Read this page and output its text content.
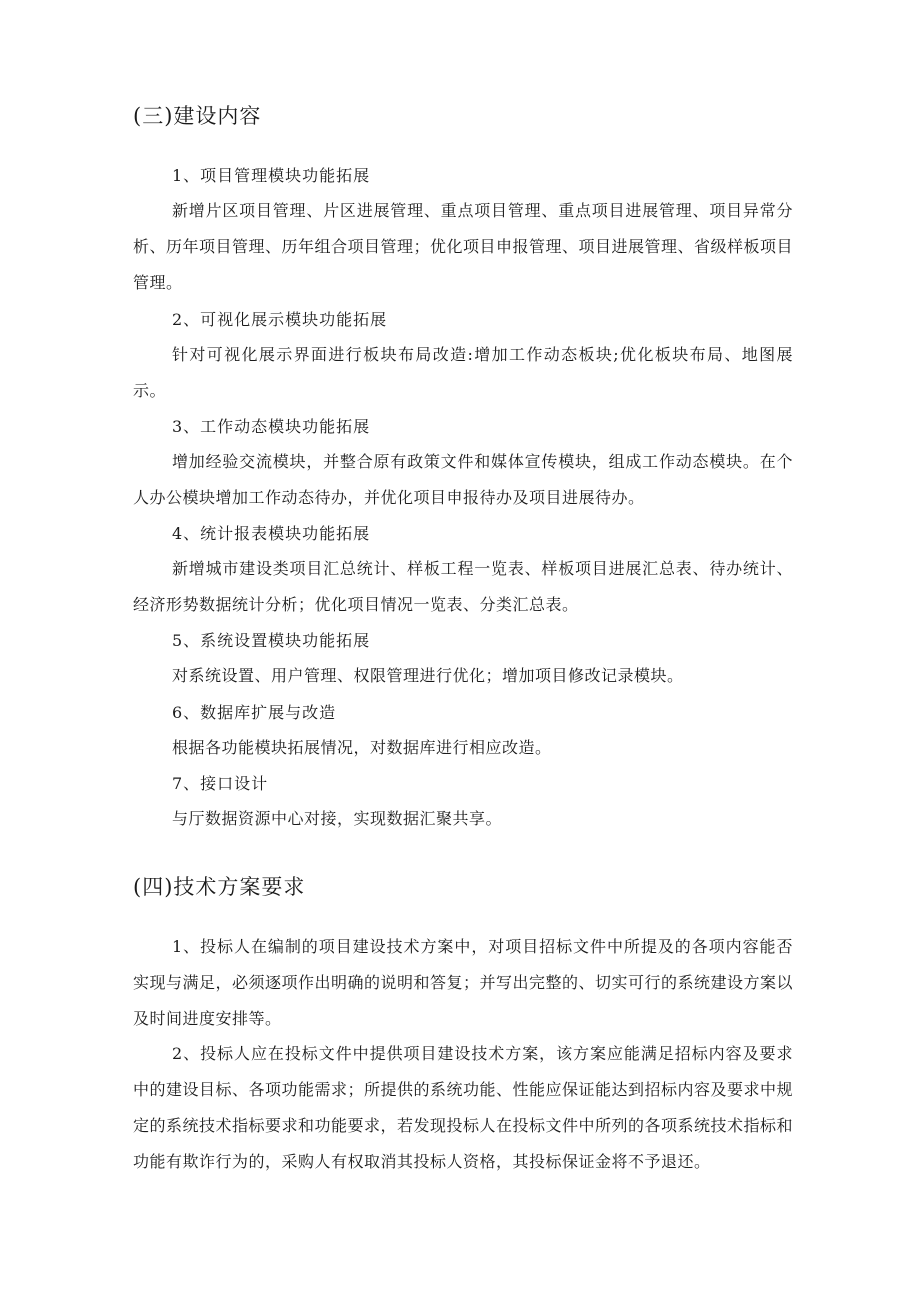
(三)建设内容
1、项目管理模块功能拓展

新增片区项目管理、片区进展管理、重点项目管理、重点项目进展管理、项目异常分析、历年项目管理、历年组合项目管理；优化项目申报管理、项目进展管理、省级样板项目管理。

2、可视化展示模块功能拓展

针对可视化展示界面进行板块布局改造:增加工作动态板块;优化板块布局、地图展示。

3、工作动态模块功能拓展

增加经验交流模块，并整合原有政策文件和媒体宣传模块，组成工作动态模块。在个人办公模块增加工作动态待办，并优化项目申报待办及项目进展待办。

4、统计报表模块功能拓展

新增城市建设类项目汇总统计、样板工程一览表、样板项目进展汇总表、待办统计、经济形势数据统计分析；优化项目情况一览表、分类汇总表。

5、系统设置模块功能拓展

对系统设置、用户管理、权限管理进行优化；增加项目修改记录模块。

6、数据库扩展与改造

根据各功能模块拓展情况，对数据库进行相应改造。

7、接口设计

与厅数据资源中心对接，实现数据汇聚共享。

(四)技术方案要求

1、投标人在编制的项目建设技术方案中，对项目招标文件中所提及的各项内容能否实现与满足，必须逐项作出明确的说明和答复；并写出完整的、切实可行的系统建设方案以及时间进度安排等。

2、投标人应在投标文件中提供项目建设技术方案，该方案应能满足招标内容及要求中的建设目标、各项功能需求；所提供的系统功能、性能应保证能达到招标内容及要求中规定的系统技术指标要求和功能要求，若发现投标人在投标文件中所列的各项系统技术指标和功能有欺诈行为的，采购人有权取消其投标人资格，其投标保证金将不予退还。
